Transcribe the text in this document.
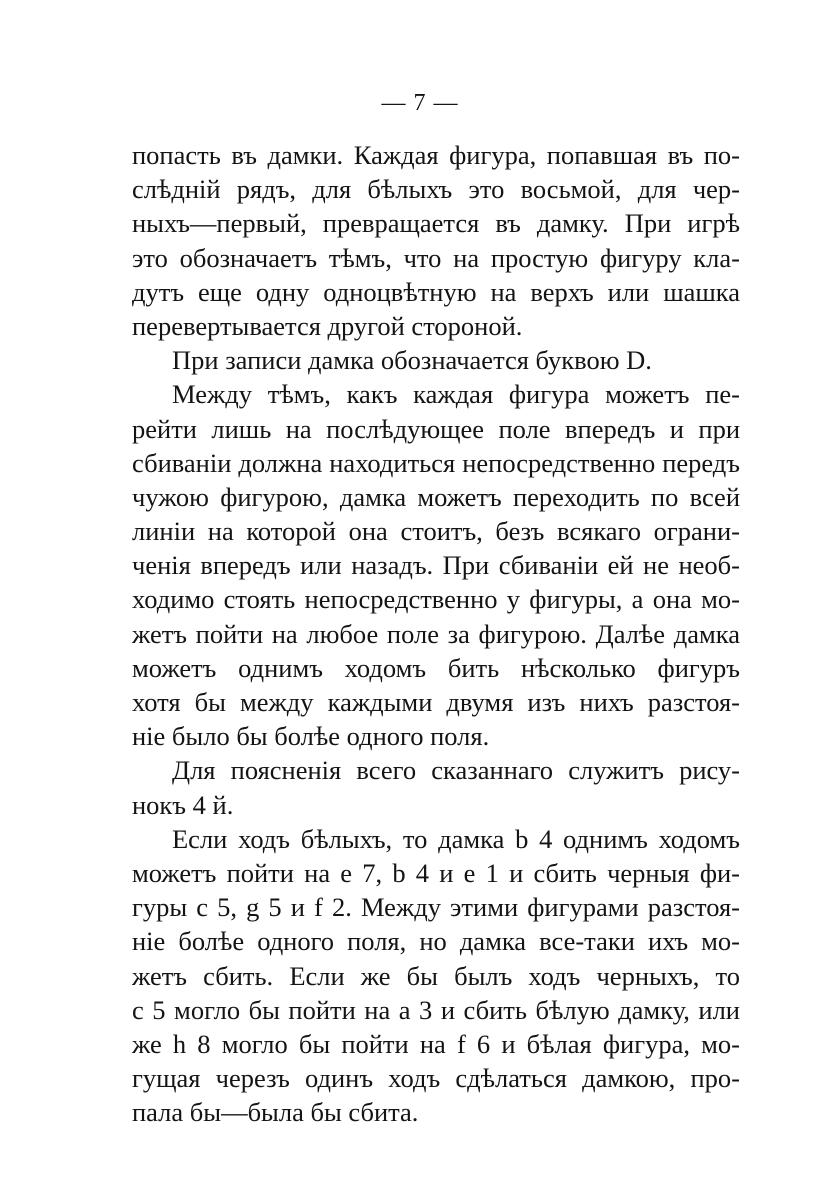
— 7 —
попасть въ дамки. Каждая фигура, попавшая въ по-
слѣднiй рядъ, для бѣлыхъ это восьмой, для чер-
ныхъ—первый, превращается въ дамку. При игрѣ
это обозначаетъ тѣмъ, что на простую фигуру кла-
дутъ еще одну одноцвѣтную на верхъ или шашка
перевертывается другой стороной.
При записи дамка обозначается буквою D.
Между тѣмъ, какъ каждая фигура можетъ пе-
рейти лишь на послѣдующее поле впередъ и при
сбиванiи должна находиться непосредственно передъ
чужою фигурою, дамка можетъ переходить по всей
линiи на которой она стоитъ, безъ всякаго ограни-
ченiя впередъ или назадъ. При сбиванiи ей не необ-
ходимо стоять непосредственно у фигуры, а она мо-
жетъ пойти на любое поле за фигурою. Далѣе дамка
можетъ однимъ ходомъ бить нѣсколько фигуръ
хотя бы между каждыми двумя изъ нихъ разстоя-
нiе было бы болѣе одного поля.
Для поясненiя всего сказаннаго служитъ рису-
нокъ 4 й.
Если ходъ бѣлыхъ, то дамка b 4 однимъ ходомъ
можетъ пойти на e 7, b 4 и e 1 и сбить черныя фи-
гуры c 5, g 5 и f 2. Между этими фигурами разстоя-
нiе болѣе одного поля, но дамка все-таки ихъ мо-
жетъ сбить. Если же бы былъ ходъ черныхъ, то
c 5 могло бы пойти на a 3 и сбить бѣлую дамку, или
же h 8 могло бы пойти на f 6 и бѣлая фигура, мо-
гущая черезъ одинъ ходъ сдѣлаться дамкою, про-
пала бы—была бы сбита.
